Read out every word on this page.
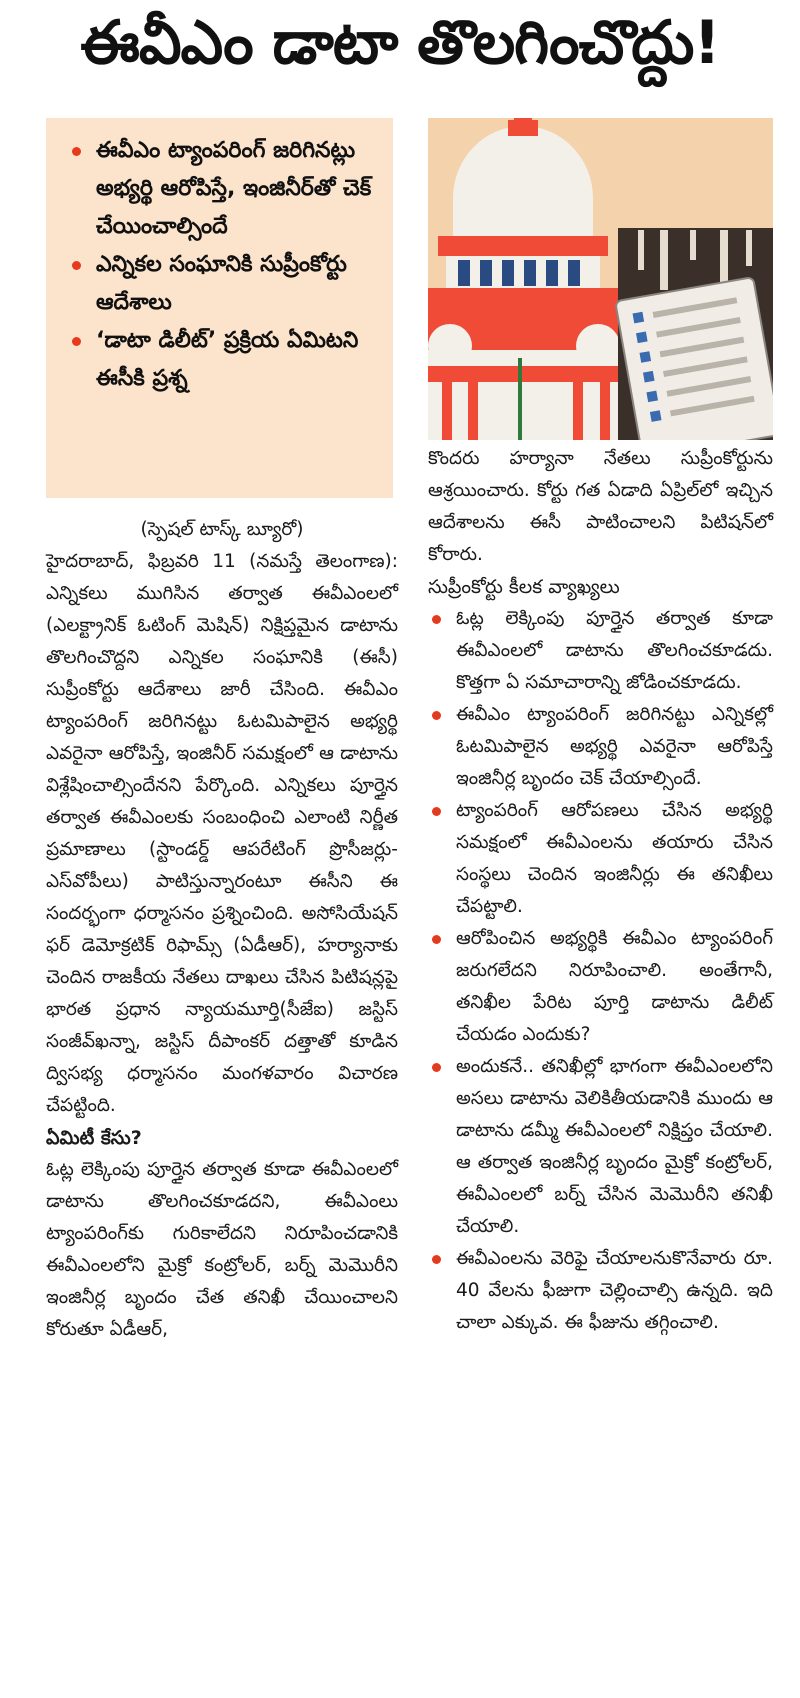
ఈవీఎం డాటా తొలగించొద్దు!
ఈవీఎం ట్యాంపరింగ్ జరిగినట్లు అభ్యర్థి ఆరోపిస్తే, ఇంజినీర్‌తో చెక్ చేయించాల్సిందే
ఎన్నికల సంఘానికి సుప్రీంకోర్టు ఆదేశాలు
‘డాటా డిలీట్’ ప్రక్రియ ఏమిటని ఈసీకి ప్రశ్న

(స్పెషల్ టాస్క్ బ్యూరో)

హైదరాబాద్, ఫిబ్రవరి 11 (నమస్తే తెలంగాణ): ఎన్నికలు ముగిసిన తర్వాత ఈవీఎంలలో (ఎలక్ట్రానిక్ ఓటింగ్ మెషిన్) నిక్షిప్తమైన డాటాను తొలగించొద్దని ఎన్నికల సంఘానికి (ఈసీ) సుప్రీంకోర్టు ఆదేశాలు జారీ చేసింది. ఈవీఎం ట్యాంపరింగ్ జరిగినట్టు ఓటమిపాలైన అభ్యర్థి ఎవరైనా ఆరోపిస్తే, ఇంజినీర్ సమక్షంలో ఆ డాటాను విశ్లేషించాల్సిందేనని పేర్కొంది. ఎన్నికలు పూర్తైన తర్వాత ఈవీఎంలకు సంబంధించి ఎలాంటి నిర్ణీత ప్రమాణాలు (స్టాండర్డ్ ఆపరేటింగ్ ప్రొసీజర్లు-ఎస్‌వోపీలు) పాటిస్తున్నారంటూ ఈసీని ఈ సందర్భంగా ధర్మాసనం ప్రశ్నించింది. అసోసియేషన్ ఫర్ డెమోక్రటిక్ రిఫామ్స్ (ఏడీఆర్), హర్యానాకు చెందిన రాజకీయ నేతలు దాఖలు చేసిన పిటిషన్లపై భారత ప్రధాన న్యాయమూర్తి(సీజేఐ) జస్టిస్ సంజీవ్‌ఖన్నా, జస్టిస్ దీపాంకర్ దత్తాతో కూడిన ద్విసభ్య ధర్మాసనం మంగళవారం విచారణ చేపట్టింది.

ఏమిటీ కేసు?

ఓట్ల లెక్కింపు పూర్తైన తర్వాత కూడా ఈవీఎంలలో డాటాను తొలగించకూడదని, ఈవీఎంలు ట్యాంపరింగ్‌కు గురికాలేదని నిరూపించడానికి ఈవీఎంలలోని మైక్రో కంట్రోలర్, బర్న్ మెమొరీని ఇంజినీర్ల బృందం చేత తనిఖీ చేయించాలని కోరుతూ ఏడీఆర్,

కొందరు హర్యానా నేతలు సుప్రీంకోర్టును ఆశ్రయించారు. కోర్టు గత ఏడాది ఏప్రిల్‌లో ఇచ్చిన ఆదేశాలను ఈసీ పాటించాలని పిటిషన్‌లో కోరారు.

సుప్రీంకోర్టు కీలక వ్యాఖ్యలు

ఓట్ల లెక్కింపు పూర్తైన తర్వాత కూడా ఈవీఎంలలో డాటాను తొలగించకూడదు. కొత్తగా ఏ సమాచారాన్ని జోడించకూడదు.
ఈవీఎం ట్యాంపరింగ్ జరిగినట్టు ఎన్నికల్లో ఓటమిపాలైన అభ్యర్థి ఎవరైనా ఆరోపిస్తే ఇంజినీర్ల బృందం చెక్ చేయాల్సిందే.
ట్యాంపరింగ్ ఆరోపణలు చేసిన అభ్యర్థి సమక్షంలో ఈవీఎంలను తయారు చేసిన సంస్థలు చెందిన ఇంజినీర్లు ఈ తనిఖీలు చేపట్టాలి.
ఆరోపించిన అభ్యర్థికి ఈవీఎం ట్యాంపరింగ్ జరుగలేదని నిరూపించాలి. అంతేగానీ, తనిఖీల పేరిట పూర్తి డాటాను డిలీట్ చేయడం ఎందుకు?
అందుకనే.. తనిఖీల్లో భాగంగా ఈవీఎంలలోని అసలు డాటాను వెలికితీయడానికి ముందు ఆ డాటాను డమ్మీ ఈవీఎంలలో నిక్షిప్తం చేయాలి. ఆ తర్వాత ఇంజినీర్ల బృందం మైక్రో కంట్రోలర్, ఈవీఎంలలో బర్న్ చేసిన మెమొరీని తనిఖీ చేయాలి.
ఈవీఎంలను వెరిఫై చేయాలనుకొనేవారు రూ. 40 వేలను ఫీజుగా చెల్లించాల్సి ఉన్నది. ఇది చాలా ఎక్కువ. ఈ ఫీజును తగ్గించాలి.
